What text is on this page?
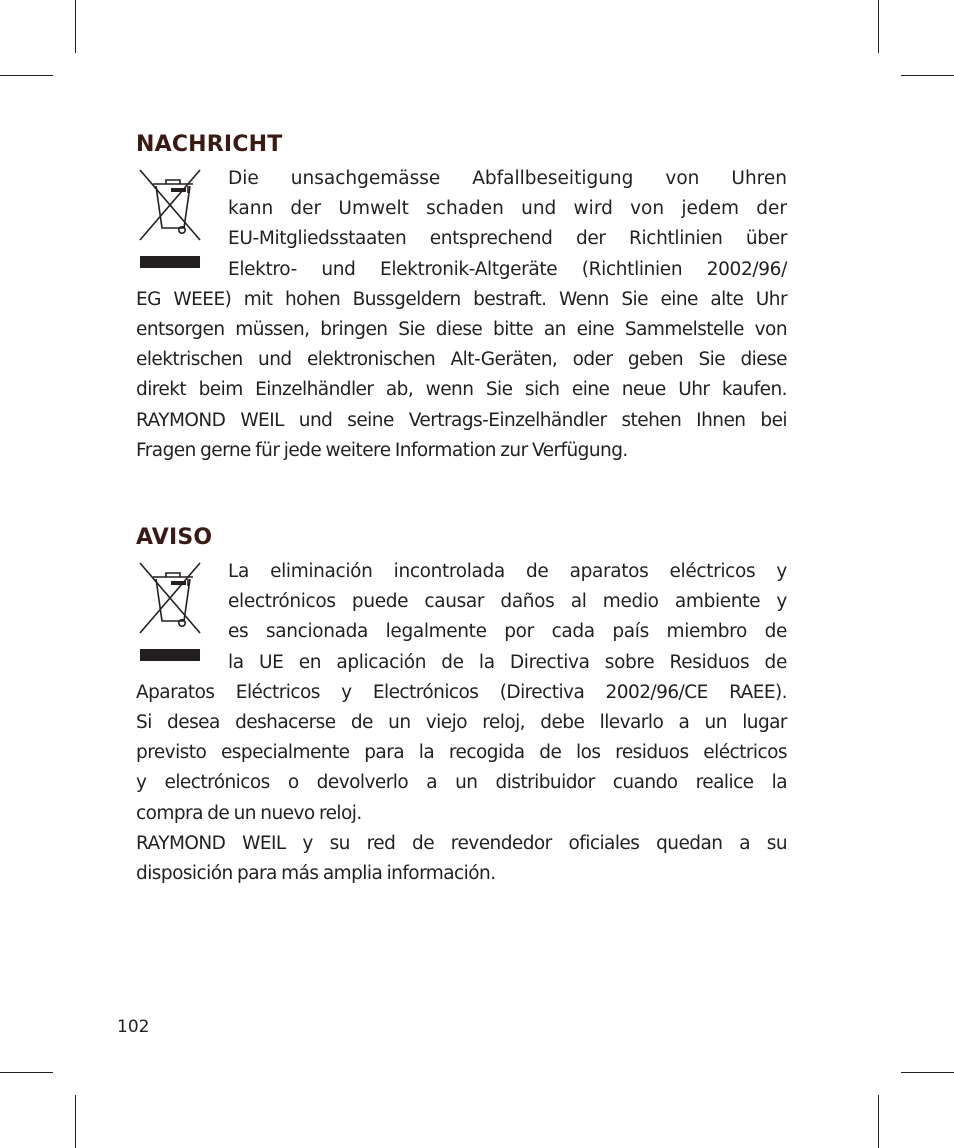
NACHRICHT

Die unsachgemässe Abfallbeseitigung von Uhren
kann der Umwelt schaden und wird von jedem der
EU-Mitgliedsstaaten entsprechend der Richtlinien über
Elektro- und Elektronik-Altgeräte (Richtlinien 2002/96/
EG WEEE) mit hohen Bussgeldern bestraft. Wenn Sie eine alte Uhr
entsorgen müssen, bringen Sie diese bitte an eine Sammelstelle von
elektrischen und elektronischen Alt-Geräten, oder geben Sie diese
direkt beim Einzelhändler ab, wenn Sie sich eine neue Uhr kaufen.
RAYMOND WEIL und seine Vertrags-Einzelhändler stehen Ihnen bei
Fragen gerne für jede weitere Information zur Verfügung.

AVISO

La eliminación incontrolada de aparatos eléctricos y
electrónicos puede causar daños al medio ambiente y
es sancionada legalmente por cada país miembro de
la UE en aplicación de la Directiva sobre Residuos de
Aparatos Eléctricos y Electrónicos (Directiva 2002/96/CE RAEE).
Si desea deshacerse de un viejo reloj, debe llevarlo a un lugar
previsto especialmente para la recogida de los residuos eléctricos
y electrónicos o devolverlo a un distribuidor cuando realice la
compra de un nuevo reloj.
RAYMOND WEIL y su red de revendedor oficiales quedan a su
disposición para más amplia información.

102
